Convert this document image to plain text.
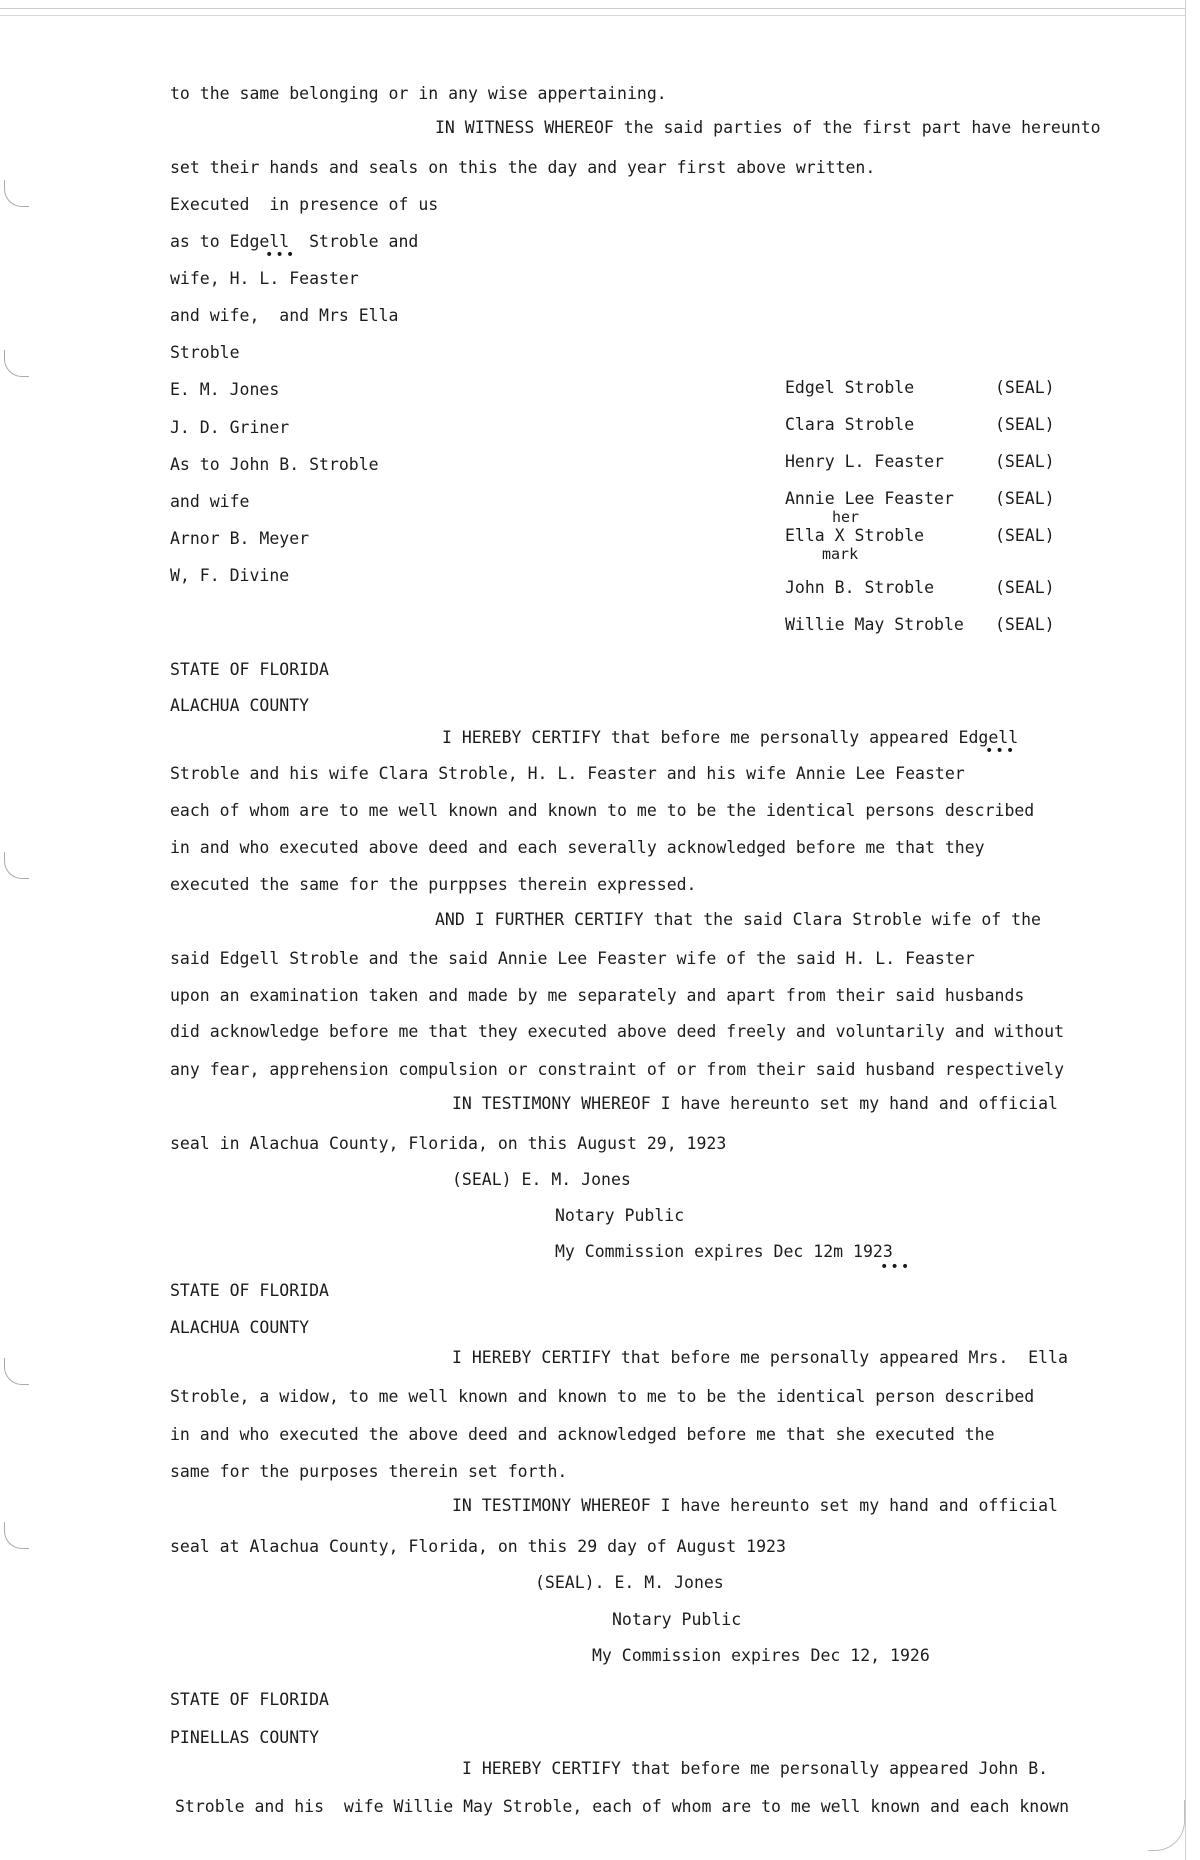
to the same belonging or in any wise appertaining.
IN WITNESS WHEREOF the said parties of the first part have hereunto
set their hands and seals on this the day and year first above written.
Executed  in presence of us
as to Edgell  Stroble and
•••
wife, H. L. Feaster
and wife,  and Mrs Ella
Stroble
E. M. Jones
J. D. Griner
As to John B. Stroble
and wife
Arnor B. Meyer
W, F. Divine
Edgel Stroble	(SEAL)
Clara Stroble	(SEAL)
Henry L. Feaster	(SEAL)
Annie Lee Feaster (SEAL)
her
Ella X Stroble	(SEAL)
mark
John B. Stroble	(SEAL)
Willie May Stroble (SEAL)
STATE OF FLORIDA
ALACHUA COUNTY
I HEREBY CERTIFY that before me personally appeared Edgell
•••
Stroble and his wife Clara Stroble, H. L. Feaster and his wife Annie Lee Feaster
each of whom are to me well known and known to me to be the identical persons described
in and who executed above deed and each severally acknowledged before me that they
executed the same for the purppses therein expressed.
AND I FURTHER CERTIFY that the said Clara Stroble wife of the
said Edgell Stroble and the said Annie Lee Feaster wife of the said H. L. Feaster
upon an examination taken and made by me separately and apart from their said husbands
did acknowledge before me that they executed above deed freely and voluntarily and without
any fear, apprehension compulsion or constraint of or from their said husband respectively
IN TESTIMONY WHEREOF I have hereunto set my hand and official
seal in Alachua County, Florida, on this August 29, 1923
(SEAL) E. M. Jones
Notary Public
My Commission expires Dec 12m 1923
•••
STATE OF FLORIDA
ALACHUA COUNTY
I HEREBY CERTIFY that before me personally appeared Mrs.  Ella
Stroble, a widow, to me well known and known to me to be the identical person described
in and who executed the above deed and acknowledged before me that she executed the
same for the purposes therein set forth.
IN TESTIMONY WHEREOF I have hereunto set my hand and official
seal at Alachua County, Florida, on this 29 day of August 1923
(SEAL). E. M. Jones
Notary Public
My Commission expires Dec 12, 1926
STATE OF FLORIDA
PINELLAS COUNTY
I HEREBY CERTIFY that before me personally appeared John B.
Stroble and his  wife Willie May Stroble, each of whom are to me well known and each known
